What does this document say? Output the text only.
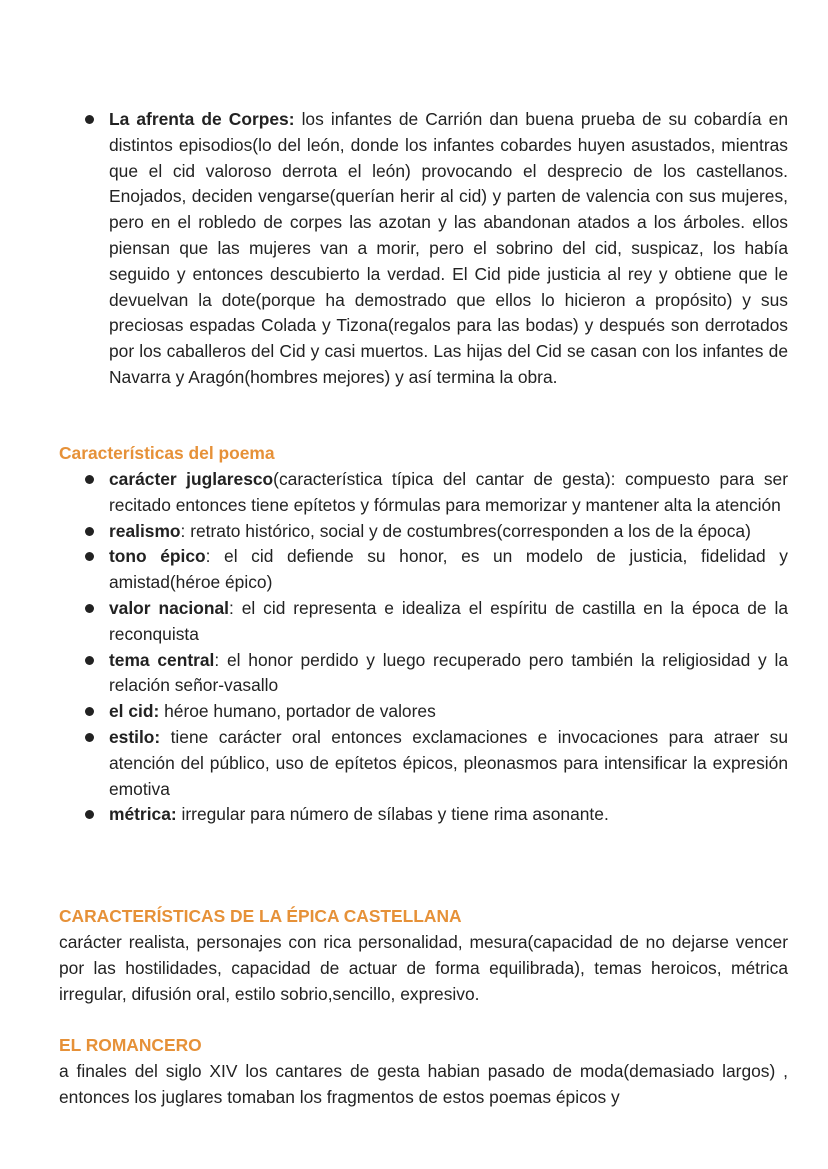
La afrenta de Corpes: los infantes de Carrión dan buena prueba de su cobardía en distintos episodios(lo del león, donde los infantes cobardes huyen asustados, mientras que el cid valoroso derrota el león) provocando el desprecio de los castellanos. Enojados, deciden vengarse(querían herir al cid) y parten de valencia con sus mujeres, pero en el robledo de corpes las azotan y las abandonan atados a los árboles. ellos piensan que las mujeres van a morir, pero el sobrino del cid, suspicaz, los había seguido y entonces descubierto la verdad. El Cid pide justicia al rey y obtiene que le devuelvan la dote(porque ha demostrado que ellos lo hicieron a propósito) y sus preciosas espadas Colada y Tizona(regalos para las bodas) y después son derrotados por los caballeros del Cid y casi muertos. Las hijas del Cid se casan con los infantes de Navarra y Aragón(hombres mejores) y así termina la obra.

Características del poema

carácter juglaresco(característica típica del cantar de gesta): compuesto para ser recitado entonces tiene epítetos y fórmulas para memorizar y mantener alta la atención

realismo: retrato histórico, social y de costumbres(corresponden a los de la época)

tono épico: el cid defiende su honor, es un modelo de justicia, fidelidad y amistad(héroe épico)

valor nacional: el cid representa e idealiza el espíritu de castilla en la época de la reconquista

tema central: el honor perdido y luego recuperado pero también la religiosidad y la relación señor-vasallo

el cid: héroe humano, portador de valores

estilo: tiene carácter oral entonces exclamaciones e invocaciones para atraer su atención del público, uso de epítetos épicos, pleonasmos para intensificar la expresión emotiva

métrica: irregular para número de sílabas y tiene rima asonante.

CARACTERÍSTICAS DE LA ÉPICA CASTELLANA

carácter realista, personajes con rica personalidad, mesura(capacidad de no dejarse vencer por las hostilidades, capacidad de actuar de forma equilibrada), temas heroicos, métrica irregular, difusión oral, estilo sobrio,sencillo, expresivo.

EL ROMANCERO

a finales del siglo XIV los cantares de gesta habian pasado de moda(demasiado largos) , entonces los juglares tomaban los fragmentos de estos poemas épicos y
